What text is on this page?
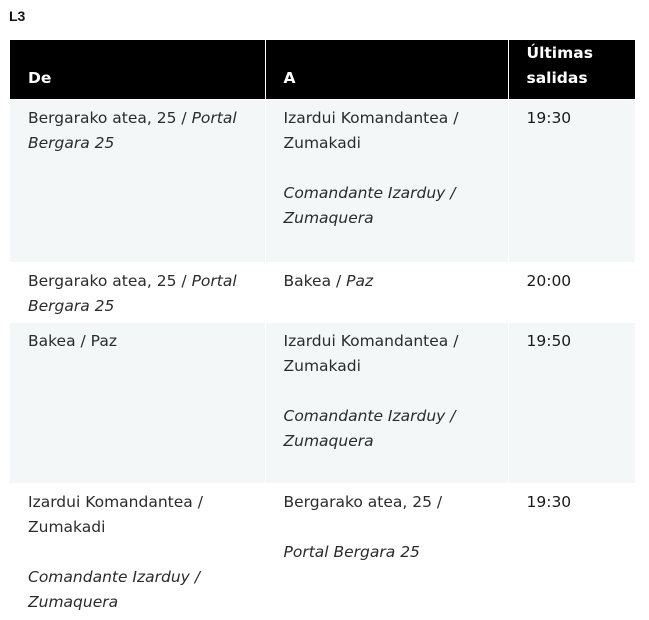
L3
De	A	Últimas
salidas
Bergarako atea, 25 / Portal Bergara 25	Izardui Komandantea /
Zumakadi
Comandante Izarduy /
Zumaquera	19:30
Bergarako atea, 25 / Portal Bergara 25	Bakea / Paz	20:00
Bakea / Paz	Izardui Komandantea /
Zumakadi
Comandante Izarduy /
Zumaquera	19:50
Izardui Komandantea /
Zumakadi
Comandante Izarduy /
Zumaquera	Bergarako atea, 25 /
Portal Bergara 25	19:30
